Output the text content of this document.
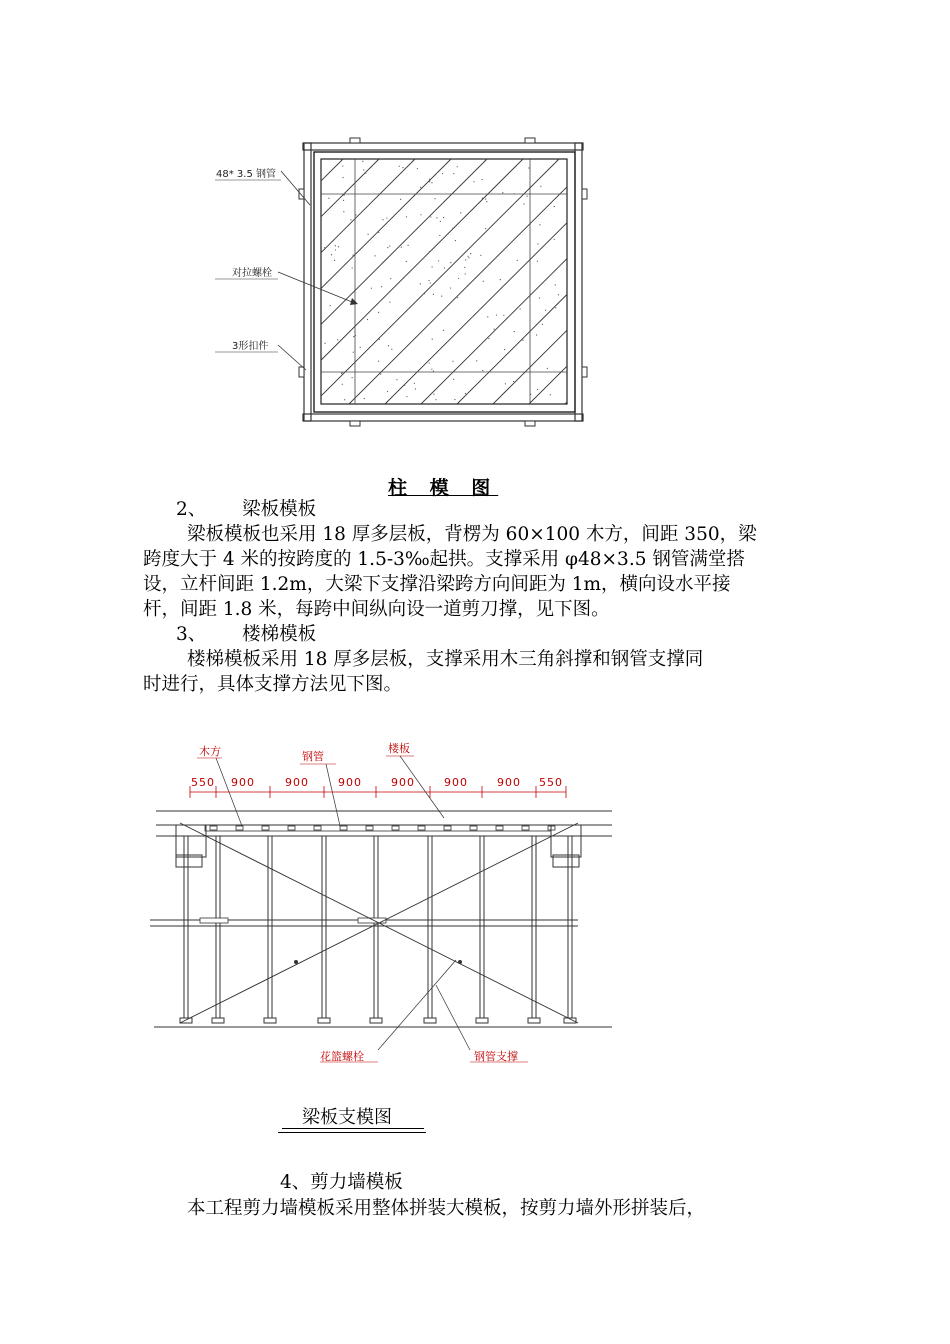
48* 3.5 钢管
对拉螺栓
3形扣件
柱 模 图
2、 梁板模板
梁板模板也采用 18 厚多层板，背楞为 60×100 木方，间距 350，梁
跨度大于 4 米的按跨度的 1.5-3‰起拱。支撑采用 φ48×3.5 钢管满堂搭
设，立杆间距 1.2m，大梁下支撑沿梁跨方向间距为 1m，横向设水平接
杆，间距 1.8 米，每跨中间纵向设一道剪刀撑，见下图。
3、 楼梯模板
楼梯模板采用 18 厚多层板，支撑采用木三角斜撑和钢管支撑同
时进行，具体支撑方法见下图。
木方	钢管
楼板
花篮螺栓	钢管支撑
550 900	900	900	900	900	900 550
梁板支模图
4、剪力墙模板
本工程剪力墙模板采用整体拼装大模板，按剪力墙外形拼装后，
